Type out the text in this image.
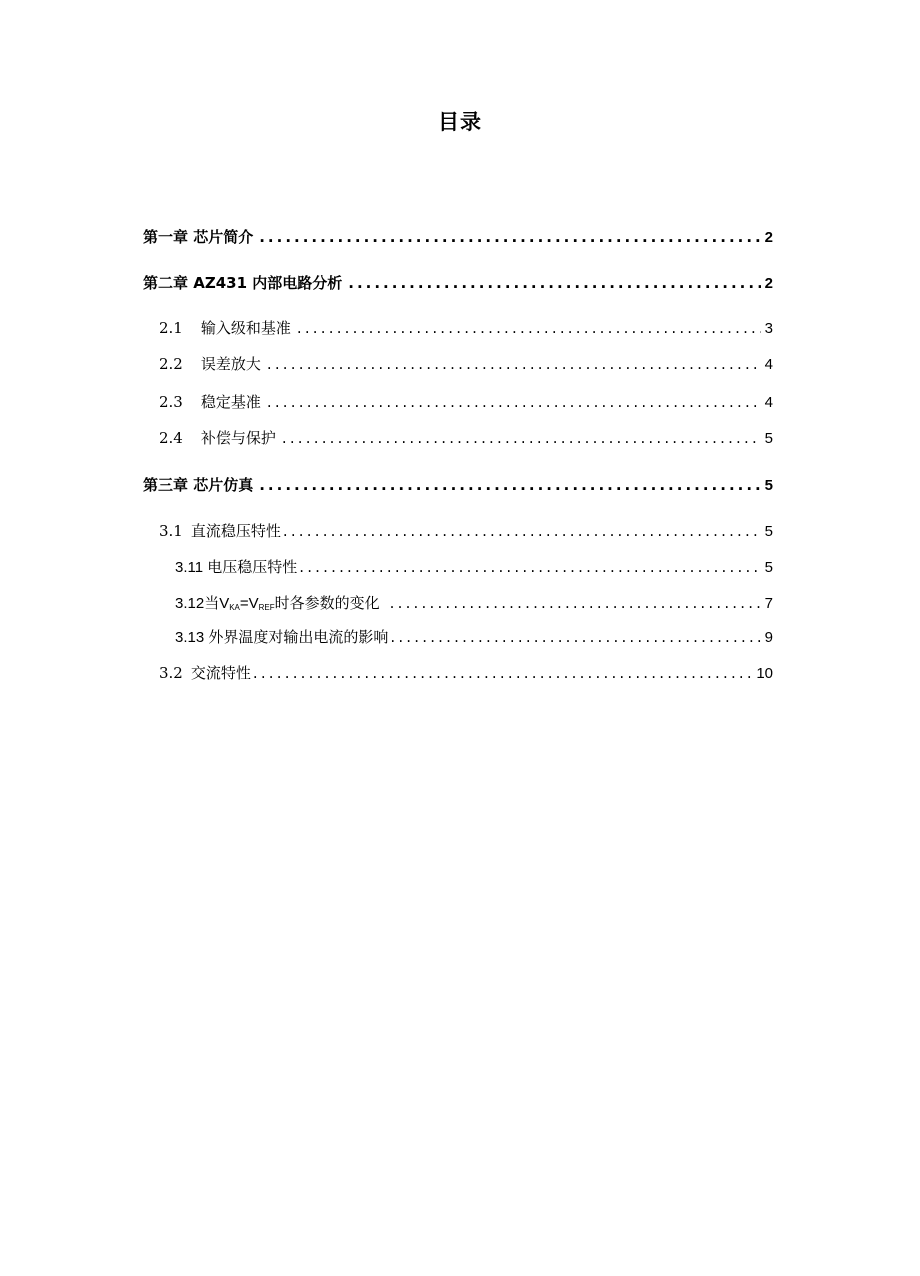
目录
第一章 芯片简介 .....	2
第二章 AZ431 内部电路分析 .....	2
2.1 输入级和基准 .....	3
2.2 误差放大 .....	4
2.3 稳定基准 .....	4
2.4 补偿与保护 .....	5
第三章 芯片仿真 .....	5
3.1 直流稳压特性 .....	5
3.11 电压稳压特性 .....	5
3.12当$V_{KA}=V_{REF}$时各参数的变化 .....	7
3.13 外界温度对输出电流的影响 .....	9
3.2 交流特性 .....	10
